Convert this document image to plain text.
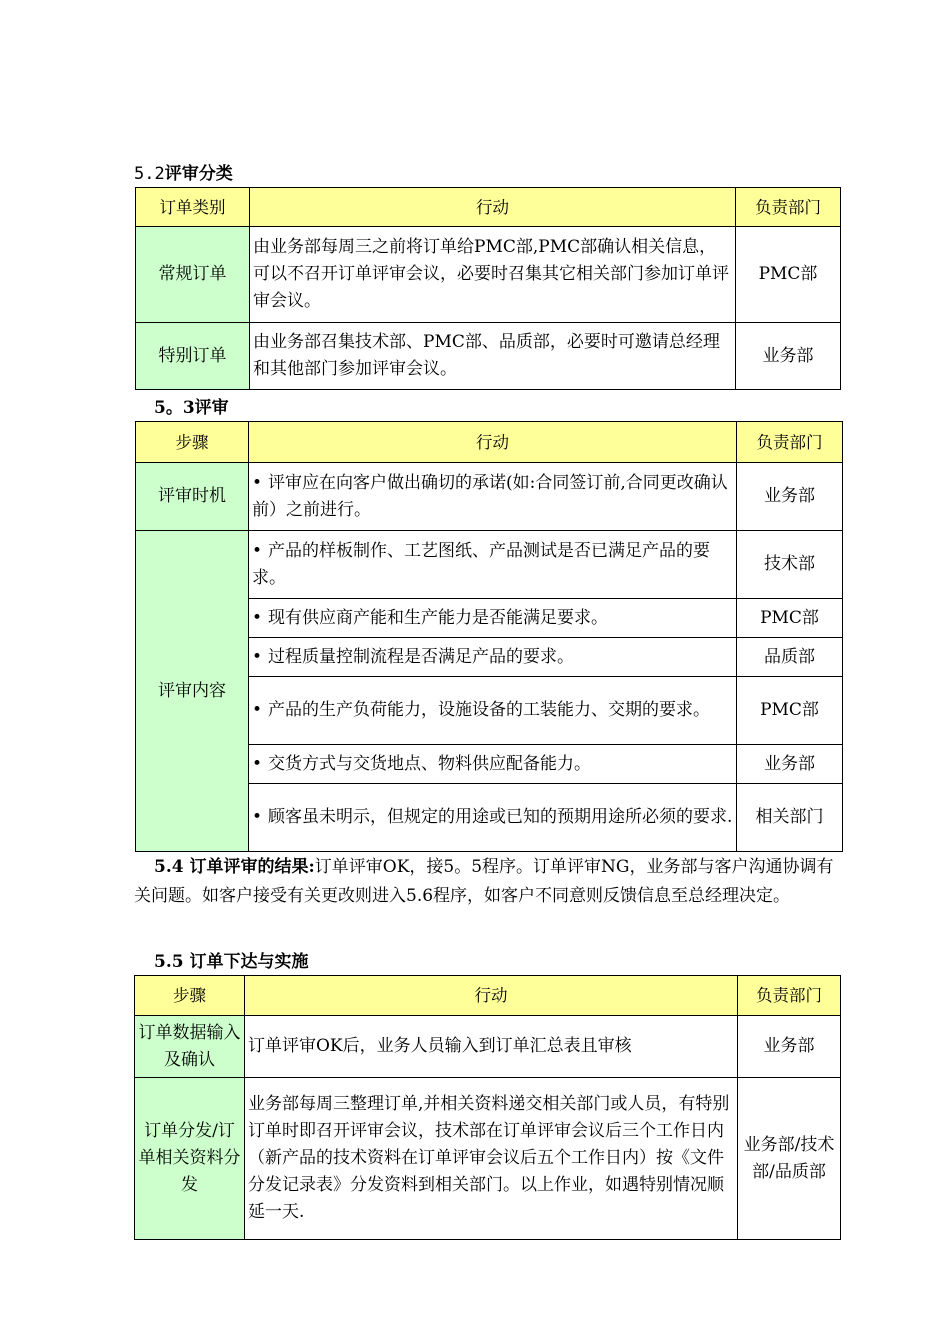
5.2评审分类
订单类别	行动	负责部门
常规订单	由业务部每周三之前将订单给PMC部,PMC部确认相关信息，可以不召开订单评审会议，必要时召集其它相关部门参加订单评审会议。	PMC部
特别订单	由业务部召集技术部、PMC部、品质部，必要时可邀请总经理和其他部门参加评审会议。	业务部
5。3评审
步骤	行动	负责部门
评审时机	• 评审应在向客户做出确切的承诺(如:合同签订前,合同更改确认前）之前进行。	业务部
评审内容	• 产品的样板制作、工艺图纸、产品测试是否已满足产品的要求。	技术部
	• 现有供应商产能和生产能力是否能满足要求。	PMC部
	• 过程质量控制流程是否满足产品的要求。	品质部
	• 产品的生产负荷能力，设施设备的工装能力、交期的要求。	PMC部
	• 交货方式与交货地点、物料供应配备能力。	业务部
	• 顾客虽未明示，但规定的用途或已知的预期用途所必须的要求.	相关部门
5.4 订单评审的结果:订单评审OK，接5。5程序。订单评审NG，业务部与客户沟通协调有关问题。如客户接受有关更改则进入5.6程序，如客户不同意则反馈信息至总经理决定。
5.5 订单下达与实施
步骤	行动	负责部门
订单数据输入及确认	订单评审OK后，业务人员输入到订单汇总表且审核	业务部
订单分发/订单相关资料分发	业务部每周三整理订单,并相关资料递交相关部门或人员，有特别订单时即召开评审会议，技术部在订单评审会议后三个工作日内（新产品的技术资料在订单评审会议后五个工作日内）按《文件分发记录表》分发资料到相关部门。以上作业，如遇特别情况顺延一天.	业务部/技术部/品质部
